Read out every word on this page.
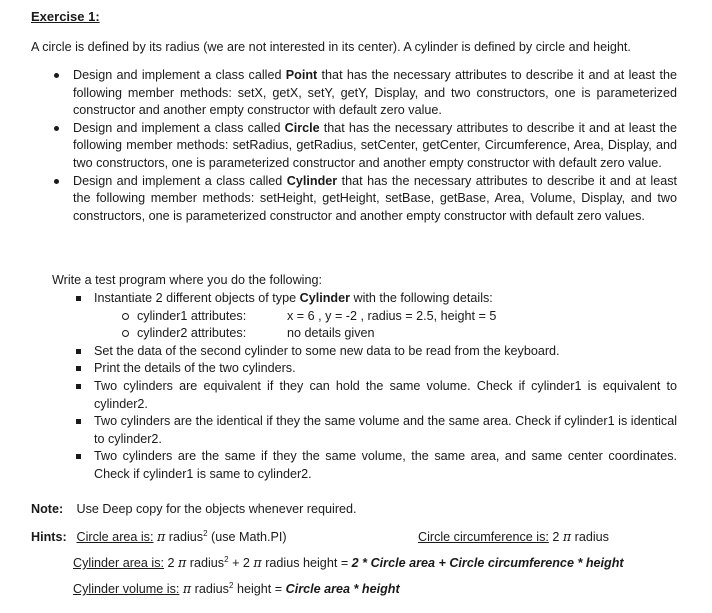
Exercise 1:
A circle is defined by its radius (we are not interested in its center). A cylinder is defined by circle and height.
Design and implement a class called Point that has the necessary attributes to describe it and at least the following member methods: setX, getX, setY, getY, Display, and two constructors, one is parameterized constructor and another empty constructor with default zero value.
Design and implement a class called Circle that has the necessary attributes to describe it and at least the following member methods: setRadius, getRadius, setCenter, getCenter, Circumference, Area, Display, and two constructors, one is parameterized constructor and another empty constructor with default zero value.
Design and implement a class called Cylinder that has the necessary attributes to describe it and at least the following member methods: setHeight, getHeight, setBase, getBase, Area, Volume, Display, and two constructors, one is parameterized constructor and another empty constructor with default zero values.
Write a test program where you do the following:
Instantiate 2 different objects of type Cylinder with the following details:
cylinder1 attributes:	x = 6 , y = -2 , radius = 2.5, height = 5
cylinder2 attributes:	no details given
Set the data of the second cylinder to some new data to be read from the keyboard.
Print the details of the two cylinders.
Two cylinders are equivalent if they can hold the same volume. Check if cylinder1 is equivalent to cylinder2.
Two cylinders are the identical if they the same volume and the same area. Check if cylinder1 is identical to cylinder2.
Two cylinders are the same if they the same volume, the same area, and same center coordinates. Check if cylinder1 is same to cylinder2.
Note: Use Deep copy for the objects whenever required.
Hints: Circle area is: π radius$^2$ (use Math.PI)	Circle circumference is: 2 π radius
Cylinder area is: 2 π radius$^2$ + 2 π radius height = 2 * Circle area + Circle circumference * height
Cylinder volume is: π radius$^2$ height = Circle area * height
